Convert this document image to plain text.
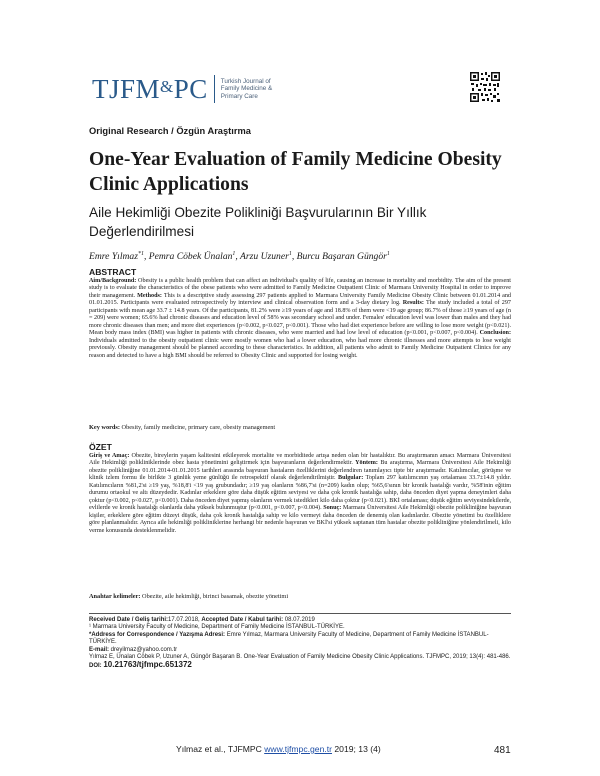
TJFM&PC Turkish Journal of
Family Medicine &
Primary Care
Original Research / Özgün Araştırma
One-Year Evaluation of Family Medicine Obesity Clinic Applications
Aile Hekimliği Obezite Polikliniği Başvurularının Bir Yıllık Değerlendirilmesi
Emre Yılmaz$^{*1}$, Pemra Cöbek Ünalan$^1$, Arzu Uzuner$^1$, Burcu Başaran Güngör$^1$
ABSTRACT
Aim/Background: Obesity is a public health problem that can affect an individual's quality of life, causing an increase in mortality and morbidity. The aim of the present study is to evaluate the characteristics of the obese patients who were admitted to Family Medicine Outpatient Clinic of Marmara University Hospital in order to improve their management. Methods: This is a descriptive study assessing 297 patients applied to Marmara University Family Medicine Obesity Clinic between 01.01.2014 and 01.01.2015. Participants were evaluated retrospectively by interview and clinical observation form and a 3-day dietary log. Results: The study included a total of 297 participants with mean age 33.7 ± 14.8 years. Of the participants, 81.2% were ≥19 years of age and 18.8% of them were <19 age group; 86.7% of those ≥19 years of age (n = 209) were women; 65.6% had chronic diseases and education level of 58% was secondary school and under. Females' education level was lower than males and they had more chronic diseases than men; and more diet experiences (p<0.002, p<0.027, p<0.001). Those who had diet experience before are willing to lose more weight (p<0.021). Mean body mass index (BMI) was higher in patients with chronic diseases, who were married and had low level of education (p<0.001, p<0.007, p<0.004). Conclusion: Individuals admitted to the obesity outpatient clinic were mostly women who had a lower education, who had more chronic illnesses and more attempts to lose weight previously. Obesity management should be planned according to these characteristics. In addition, all patients who admit to Family Medicine Outpatient Clinics for any reason and detected to have a high BMI should be referred to Obesity Clinic and supported for losing weight.
Key words: Obesity, family medicine, primary care, obesity management
ÖZET
Giriş ve Amaç: Obezite, bireylerin yaşam kalitesini etkileyerek mortalite ve morbiditede artışa neden olan bir hastalıktır. Bu araştırmanın amacı Marmara Üniversitesi Aile Hekimliği polikliniklerinde obez hasta yönetimini geliştirmek için başvuranların değerlendirmektir. Yöntem: Bu araştırma, Marmara Üniversitesi Aile Hekimliği obezite polikliniğine 01.01.2014-01.01.2015 tarihleri arasında başvuran hastaların özelliklerini değerlendiren tanımlayıcı tipte bir araştırmadır. Katılımcılar, görüşme ve klinik izlem formu ile birlikte 3 günlük yeme günlüğü ile retrospektif olarak değerlendirilmiştir. Bulgular: Toplam 297 katılımcının yaş ortalaması 33.7±14.8 yıldır. Katılımcıların %81,2'si ≥19 yaş, %18,8'i <19 yaş grubundadır; ≥19 yaş olanların %86,7'si (n=209) kadın olup; %65,6'sının bir kronik hastalığı vardır, %58'inin eğitim durumu ortaokul ve altı düzeydedir. Kadınlar erkeklere göre daha düşük eğitim seviyesi ve daha çok kronik hastalığa sahip, daha önceden diyet yapma deneyimleri daha çoktur (p<0.002, p<0.027, p<0.001). Daha önceden diyet yapmış olanların vermek istedikleri kilo daha çoktur (p<0.021). BKİ ortalaması; düşük eğitim seviyesindekilerde, evlilerde ve kronik hastalığı olanlarda daha yüksek bulunmuştur (p<0.001, p<0.007, p<0.004). Sonuç: Marmara Üniversitesi Aile Hekimliği obezite polikliniğine başvuran kişiler, erkeklere göre eğitim düzeyi düşük, daha çok kronik hastalığa sahip ve kilo vermeyi daha önceden de denemiş olan kadınlardır. Obezite yönetimi bu özelliklere göre planlanmalıdır. Ayrıca aile hekimliği polikliniklerine herhangi bir nedenle başvuran ve BKİ'si yüksek saptanan tüm hastalar obezite polikliniğine yönlendirilmeli, kilo verme konusunda desteklenmelidir.
Anahtar kelimeler: Obezite, aile hekimliği, birinci basamak, obezite yönetimi
Received Date / Geliş tarihi:17.07.2018, Accepted Date / Kabul tarihi: 08.07.2019
¹ Marmara University Faculty of Medicine, Department of Family Medicine İSTANBUL-TÜRKİYE.
*Address for Correspondence / Yazışma Adresi: Emre Yılmaz, Marmara University Faculty of Medicine, Department of Family Medicine İSTANBUL-TÜRKİYE.
E-mail: dreyilmaz@yahoo.com.tr
Yılmaz E, Ünalan Cöbek P, Uzuner A, Güngör Başaran B. One-Year Evaluation of Family Medicine Obesity Clinic Applications. TJFMPC, 2019; 13(4): 481-486.
DOI: 10.21763/tjfmpc.651372
Yılmaz et al., TJFMPC www.tjfmpc.gen.tr 2019; 13 (4)	481
